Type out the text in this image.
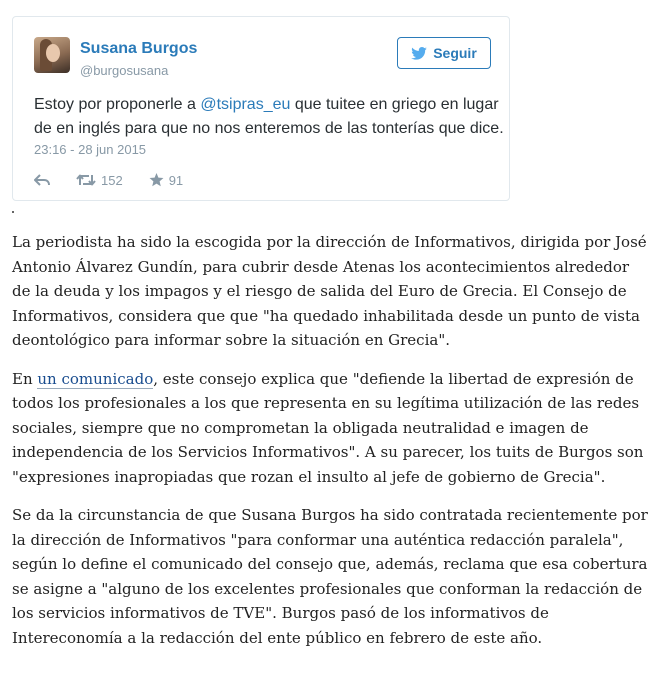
Susana Burgos
@burgosusana
Seguir
Estoy por proponerle a @tsipras_eu que tuitee en griego en lugar de en inglés para que no nos enteremos de las tonterías que dice.
23:16 - 28 jun 2015
152	91

La periodista ha sido la escogida por la dirección de Informativos, dirigida por José Antonio Álvarez Gundín, para cubrir desde Atenas los acontecimientos alrededor de la deuda y los impagos y el riesgo de salida del Euro de Grecia. El Consejo de Informativos, considera que que "ha quedado inhabilitada desde un punto de vista deontológico para informar sobre la situación en Grecia".

En un comunicado, este consejo explica que "defiende la libertad de expresión de todos los profesionales a los que representa en su legítima utilización de las redes sociales, siempre que no comprometan la obligada neutralidad e imagen de independencia de los Servicios Informativos". A su parecer, los tuits de Burgos son "expresiones inapropiadas que rozan el insulto al jefe de gobierno de Grecia".

Se da la circunstancia de que Susana Burgos ha sido contratada recientemente por la dirección de Informativos "para conformar una auténtica redacción paralela", según lo define el comunicado del consejo que, además, reclama que esa cobertura se asigne a "alguno de los excelentes profesionales que conforman la redacción de los servicios informativos de TVE". Burgos pasó de los informativos de Intereconomía a la redacción del ente público en febrero de este año.
